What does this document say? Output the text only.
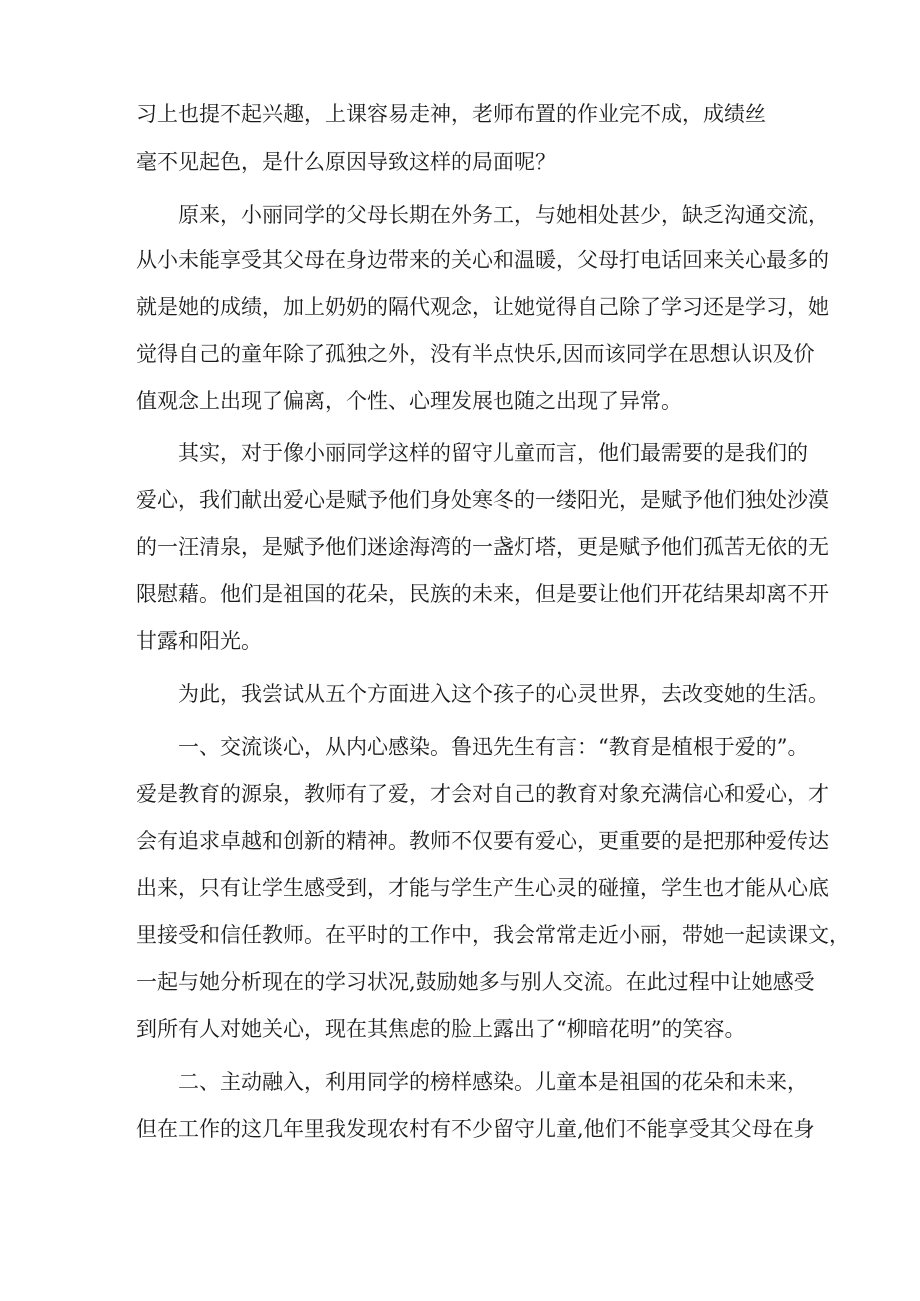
习上也提不起兴趣，上课容易走神，老师布置的作业完不成，成绩丝

毫不见起色，是什么原因导致这样的局面呢？

原来，小丽同学的父母长期在外务工，与她相处甚少，缺乏沟通交流，

从小未能享受其父母在身边带来的关心和温暖，父母打电话回来关心最多的

就是她的成绩，加上奶奶的隔代观念，让她觉得自己除了学习还是学习，她

觉得自己的童年除了孤独之外，没有半点快乐,因而该同学在思想认识及价

值观念上出现了偏离，个性、心理发展也随之出现了异常。

其实，对于像小丽同学这样的留守儿童而言，他们最需要的是我们的

爱心，我们献出爱心是赋予他们身处寒冬的一缕阳光，是赋予他们独处沙漠

的一汪清泉，是赋予他们迷途海湾的一盏灯塔，更是赋予他们孤苦无依的无

限慰藉。他们是祖国的花朵，民族的未来，但是要让他们开花结果却离不开

甘露和阳光。

为此，我尝试从五个方面进入这个孩子的心灵世界，去改变她的生活。

一、交流谈心，从内心感染。鲁迅先生有言：“教育是植根于爱的”。

爱是教育的源泉，教师有了爱，才会对自己的教育对象充满信心和爱心，才

会有追求卓越和创新的精神。教师不仅要有爱心，更重要的是把那种爱传达

出来，只有让学生感受到，才能与学生产生心灵的碰撞，学生也才能从心底

里接受和信任教师。在平时的工作中，我会常常走近小丽，带她一起读课文，

一起与她分析现在的学习状况,鼓励她多与别人交流。在此过程中让她感受

到所有人对她关心，现在其焦虑的脸上露出了“柳暗花明”的笑容。

二、主动融入，利用同学的榜样感染。儿童本是祖国的花朵和未来，

但在工作的这几年里我发现农村有不少留守儿童,他们不能享受其父母在身
